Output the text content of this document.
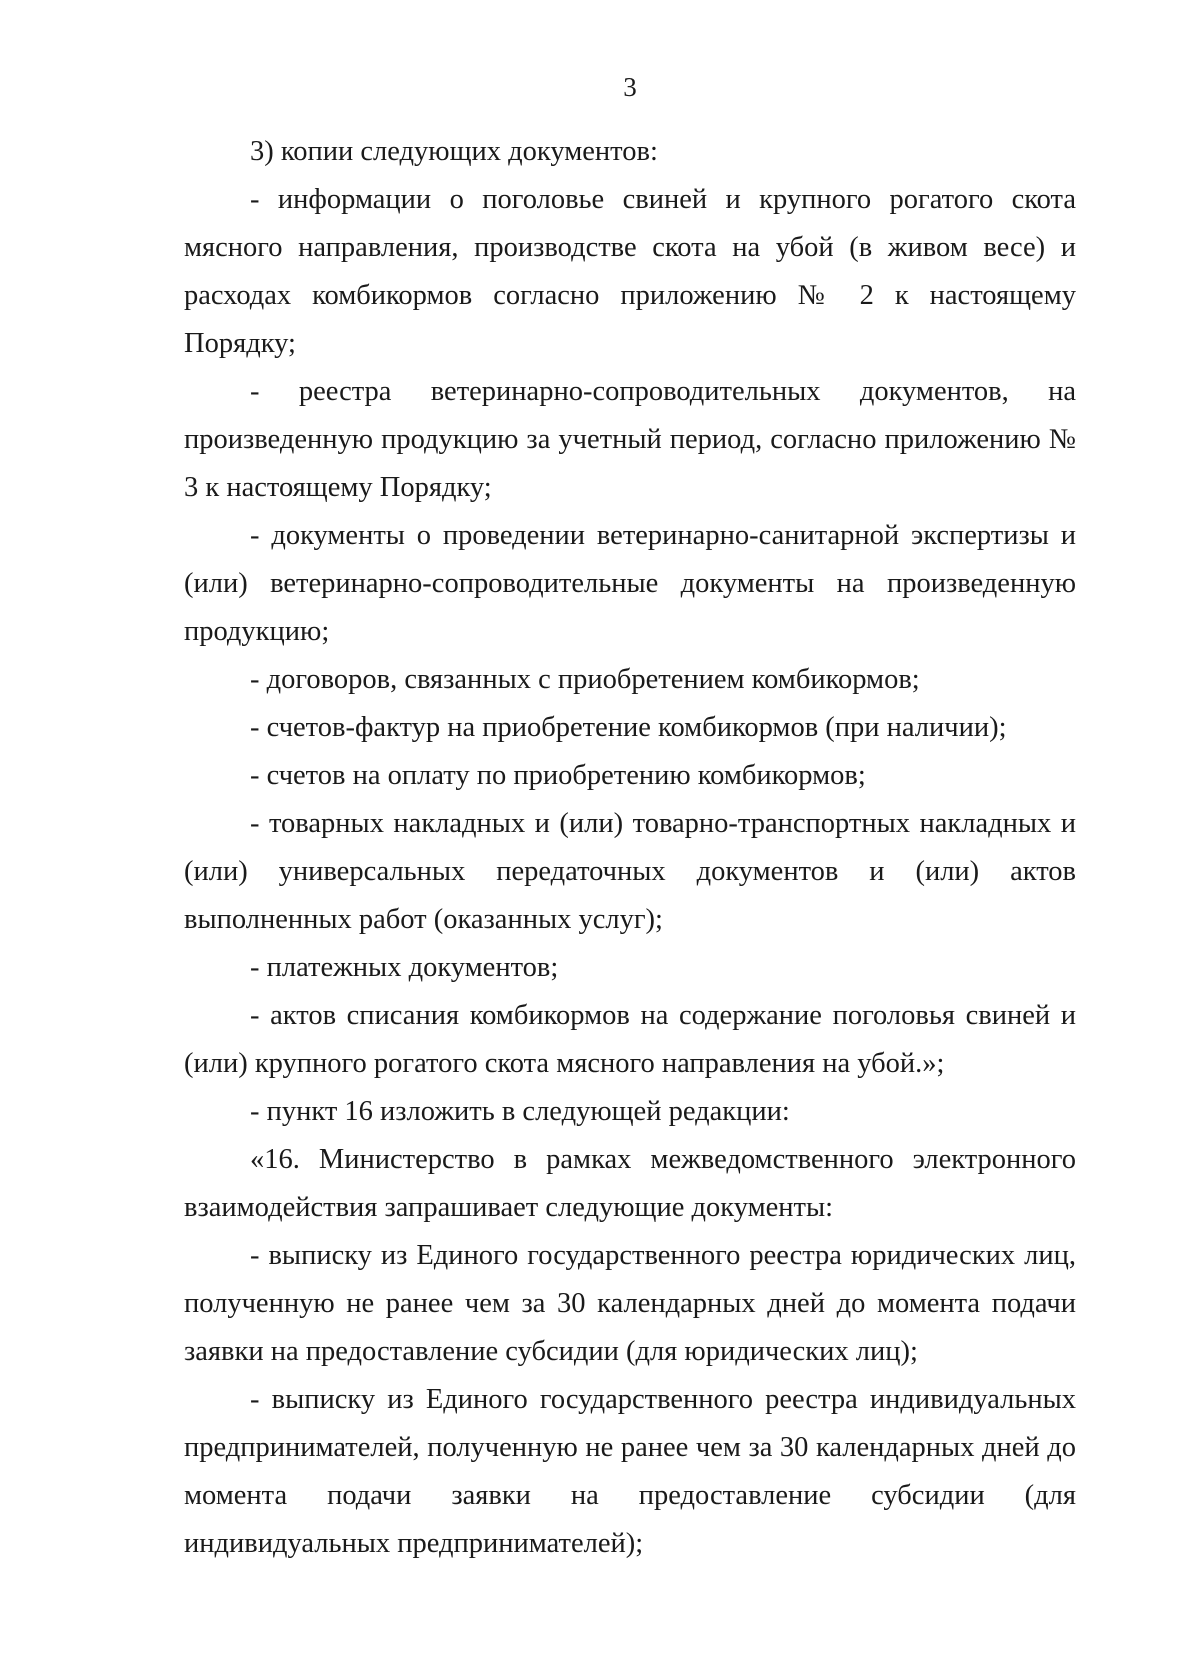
3

3) копии следующих документов:

- информации о поголовье свиней и крупного рогатого скота мясного направления, производстве скота на убой (в живом весе) и расходах комбикормов согласно приложению № 2 к настоящему Порядку;

- реестра ветеринарно-сопроводительных документов, на произведенную продукцию за учетный период, согласно приложению № 3 к настоящему Порядку;

- документы о проведении ветеринарно-санитарной экспертизы и (или) ветеринарно-сопроводительные документы на произведенную продукцию;

- договоров, связанных с приобретением комбикормов;

- счетов-фактур на приобретение комбикормов (при наличии);

- счетов на оплату по приобретению комбикормов;

- товарных накладных и (или) товарно-транспортных накладных и (или) универсальных передаточных документов и (или) актов выполненных работ (оказанных услуг);

- платежных документов;

- актов списания комбикормов на содержание поголовья свиней и (или) крупного рогатого скота мясного направления на убой.»;

- пункт 16 изложить в следующей редакции:

«16. Министерство в рамках межведомственного электронного взаимодействия запрашивает следующие документы:

- выписку из Единого государственного реестра юридических лиц, полученную не ранее чем за 30 календарных дней до момента подачи заявки на предоставление субсидии (для юридических лиц);

- выписку из Единого государственного реестра индивидуальных предпринимателей, полученную не ранее чем за 30 календарных дней до момента подачи заявки на предоставление субсидии (для индивидуальных предпринимателей);
